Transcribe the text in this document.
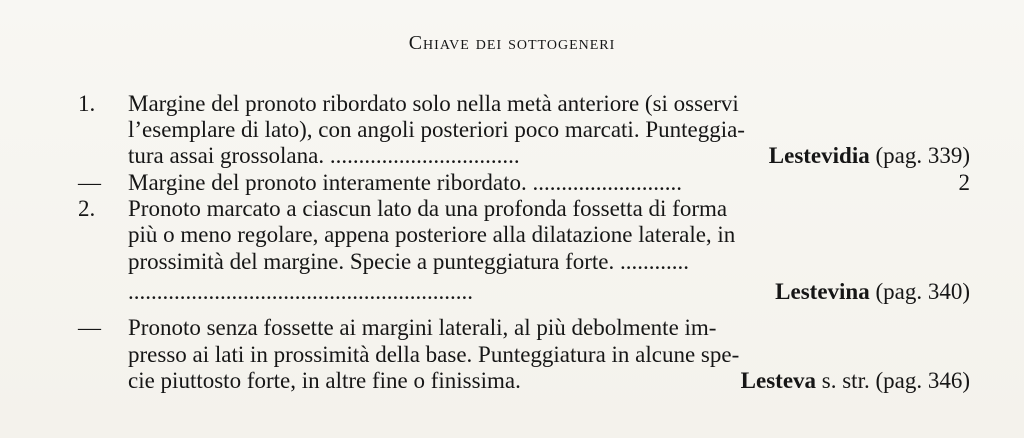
Chiave dei sottogeneri
1. Margine del pronoto ribordato solo nella metà anteriore (si osservi
l’esemplare di lato), con angoli posteriori poco marcati. Punteggia-
tura assai grossolana. .................................	Lestevidia (pag. 339)
— Margine del pronoto interamente ribordato. ..........................	2
2. Pronoto marcato a ciascun lato da una profonda fossetta di forma
più o meno regolare, appena posteriore alla dilatazione laterale, in
prossimità del margine. Specie a punteggiatura forte. ............
............................................................	Lestevina (pag. 340)
— Pronoto senza fossette ai margini laterali, al più debolmente im-
presso ai lati in prossimità della base. Punteggiatura in alcune spe-
cie piuttosto forte, in altre fine o finissima.	Lesteva s. str. (pag. 346)
